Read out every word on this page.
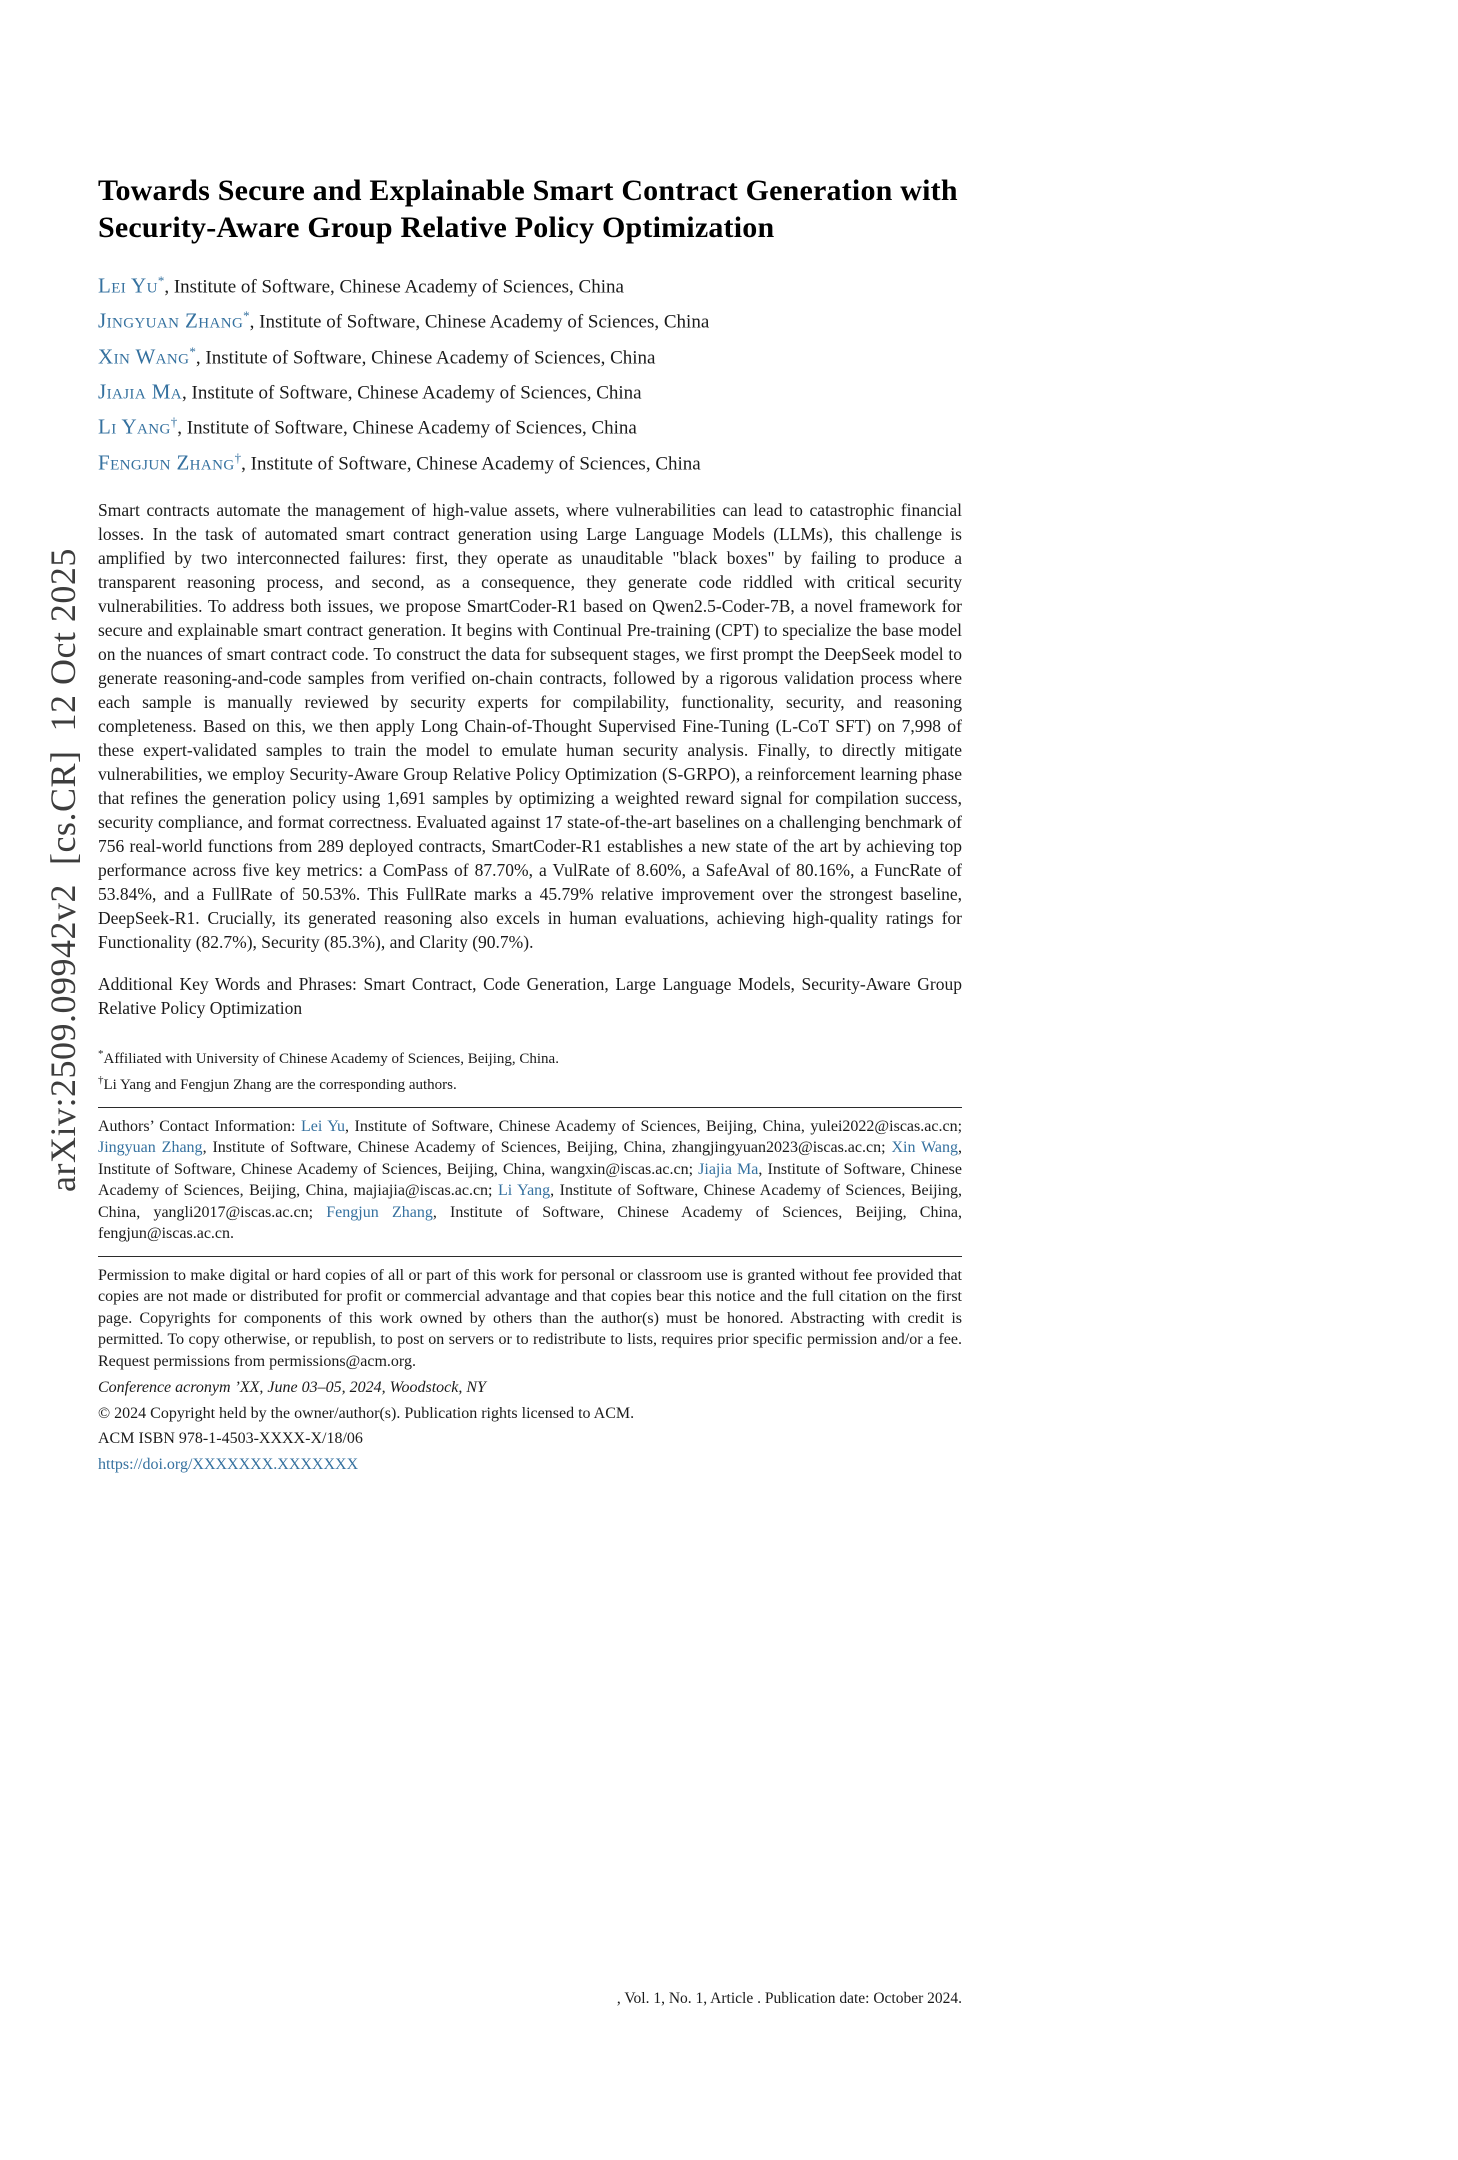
arXiv:2509.09942v2  [cs.CR]  12 Oct 2025
Towards Secure and Explainable Smart Contract Generation with Security-Aware Group Relative Policy Optimization

Lei Yu*, Institute of Software, Chinese Academy of Sciences, China

Jingyuan Zhang*, Institute of Software, Chinese Academy of Sciences, China

Xin Wang*, Institute of Software, Chinese Academy of Sciences, China

Jiajia Ma, Institute of Software, Chinese Academy of Sciences, China

Li Yang†, Institute of Software, Chinese Academy of Sciences, China

Fengjun Zhang†, Institute of Software, Chinese Academy of Sciences, China

Smart contracts automate the management of high-value assets, where vulnerabilities can lead to catastrophic financial losses. In the task of automated smart contract generation using Large Language Models (LLMs), this challenge is amplified by two interconnected failures: first, they operate as unauditable "black boxes" by failing to produce a transparent reasoning process, and second, as a consequence, they generate code riddled with critical security vulnerabilities. To address both issues, we propose SmartCoder-R1 based on Qwen2.5-Coder-7B, a novel framework for secure and explainable smart contract generation. It begins with Continual Pre-training (CPT) to specialize the base model on the nuances of smart contract code. To construct the data for subsequent stages, we first prompt the DeepSeek model to generate reasoning-and-code samples from verified on-chain contracts, followed by a rigorous validation process where each sample is manually reviewed by security experts for compilability, functionality, security, and reasoning completeness. Based on this, we then apply Long Chain-of-Thought Supervised Fine-Tuning (L-CoT SFT) on 7,998 of these expert-validated samples to train the model to emulate human security analysis. Finally, to directly mitigate vulnerabilities, we employ Security-Aware Group Relative Policy Optimization (S-GRPO), a reinforcement learning phase that refines the generation policy using 1,691 samples by optimizing a weighted reward signal for compilation success, security compliance, and format correctness. Evaluated against 17 state-of-the-art baselines on a challenging benchmark of 756 real-world functions from 289 deployed contracts, SmartCoder-R1 establishes a new state of the art by achieving top performance across five key metrics: a ComPass of 87.70%, a VulRate of 8.60%, a SafeAval of 80.16%, a FuncRate of 53.84%, and a FullRate of 50.53%. This FullRate marks a 45.79% relative improvement over the strongest baseline, DeepSeek-R1. Crucially, its generated reasoning also excels in human evaluations, achieving high-quality ratings for Functionality (82.7%), Security (85.3%), and Clarity (90.7%).

Additional Key Words and Phrases: Smart Contract, Code Generation, Large Language Models, Security-Aware Group Relative Policy Optimization

*Affiliated with University of Chinese Academy of Sciences, Beijing, China.

†Li Yang and Fengjun Zhang are the corresponding authors.

Authors’ Contact Information: Lei Yu, Institute of Software, Chinese Academy of Sciences, Beijing, China, yulei2022@iscas.ac.cn; Jingyuan Zhang, Institute of Software, Chinese Academy of Sciences, Beijing, China, zhangjingyuan2023@iscas.ac.cn; Xin Wang, Institute of Software, Chinese Academy of Sciences, Beijing, China, wangxin@iscas.ac.cn; Jiajia Ma, Institute of Software, Chinese Academy of Sciences, Beijing, China, majiajia@iscas.ac.cn; Li Yang, Institute of Software, Chinese Academy of Sciences, Beijing, China, yangli2017@iscas.ac.cn; Fengjun Zhang, Institute of Software, Chinese Academy of Sciences, Beijing, China, fengjun@iscas.ac.cn.

Permission to make digital or hard copies of all or part of this work for personal or classroom use is granted without fee provided that copies are not made or distributed for profit or commercial advantage and that copies bear this notice and the full citation on the first page. Copyrights for components of this work owned by others than the author(s) must be honored. Abstracting with credit is permitted. To copy otherwise, or republish, to post on servers or to redistribute to lists, requires prior specific permission and/or a fee. Request permissions from permissions@acm.org.

Conference acronym ’XX, June 03–05, 2024, Woodstock, NY

© 2024 Copyright held by the owner/author(s). Publication rights licensed to ACM.

ACM ISBN 978-1-4503-XXXX-X/18/06

https://doi.org/XXXXXXX.XXXXXXX

, Vol. 1, No. 1, Article . Publication date: October 2024.
